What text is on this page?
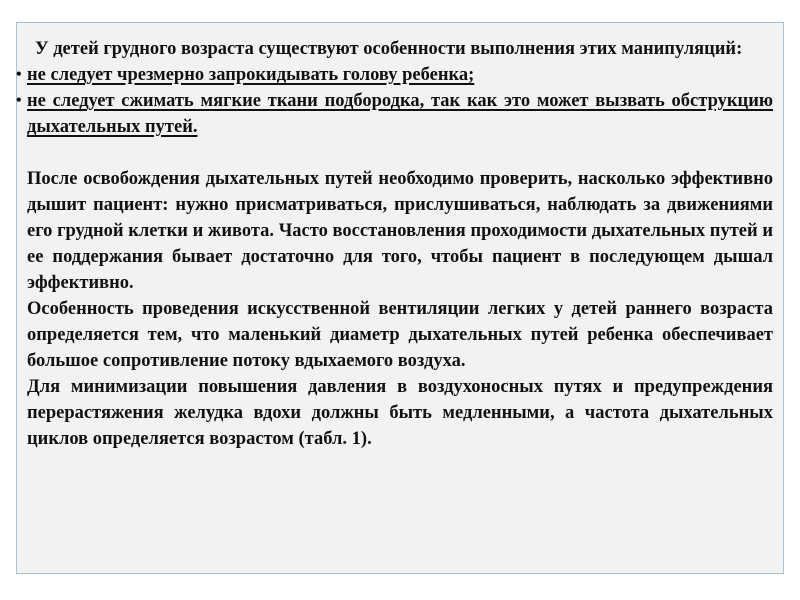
У детей грудного возраста существуют особенности выполнения этих манипуляций:

• не следует чрезмерно запрокидывать голову ребенка;

• не следует сжимать мягкие ткани подбородка, так как это может вызвать обструкцию дыхательных путей.

После освобождения дыхательных путей необходимо проверить, насколько эффективно дышит пациент: нужно присматриваться, прислушиваться, наблюдать за движениями его грудной клетки и живота. Часто восстановления проходимости дыхательных путей и ее поддержания бывает достаточно для того, чтобы пациент в последующем дышал эффективно.

Особенность проведения искусственной вентиляции легких у детей раннего возраста определяется тем, что маленький диаметр дыхательных путей ребенка обеспечивает большое сопротивление потоку вдыхаемого воздуха.

Для минимизации повышения давления в воздухоносных путях и предупреждения перерастяжения желудка вдохи должны быть медленными, а частота дыхательных циклов определяется возрастом (табл. 1).
